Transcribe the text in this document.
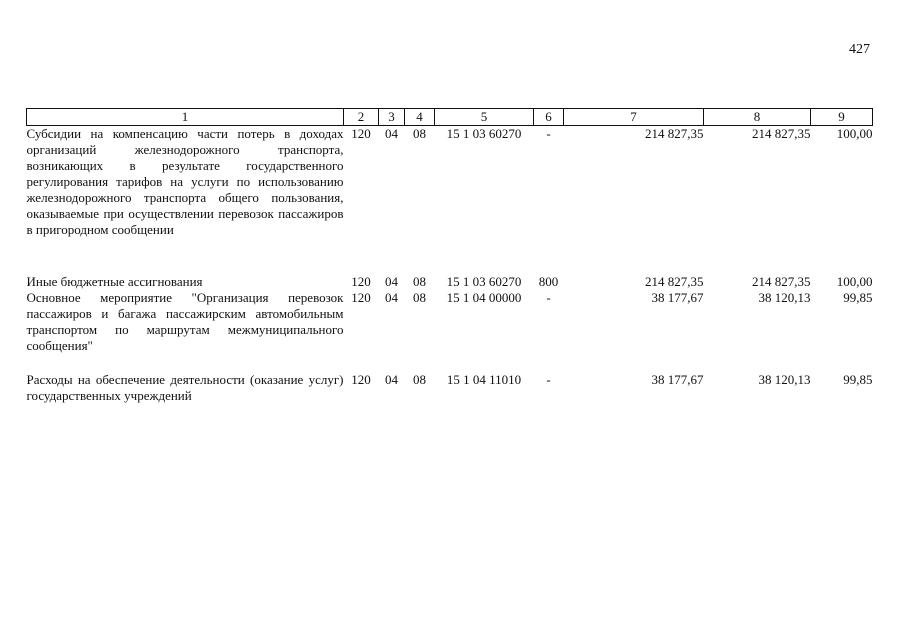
427
1	2	3	4	5	6	7	8	9
Субсидии на компенсацию части потерь в доходах организаций железнодорожного транспорта, возникающих в результате государственного регулирования тарифов на услуги по использованию железнодорожного транспорта общего пользования, оказываемые при осуществлении перевозок пассажиров в пригородном сообщении	120	04	08	15 1 03 60270	-	214 827,35	214 827,35	100,00

Иные бюджетные ассигнования	120	04	08	15 1 03 60270	800	214 827,35	214 827,35	100,00
Основное мероприятие "Организация перевозок пассажиров и багажа пассажирским автомобильным транспортом по маршрутам межмуниципального сообщения"	120	04	08	15 1 04 00000	-	38 177,67	38 120,13	99,85

Расходы на обеспечение деятельности (оказание услуг) государственных учреждений	120	04	08	15 1 04 11010	-	38 177,67	38 120,13	99,85
